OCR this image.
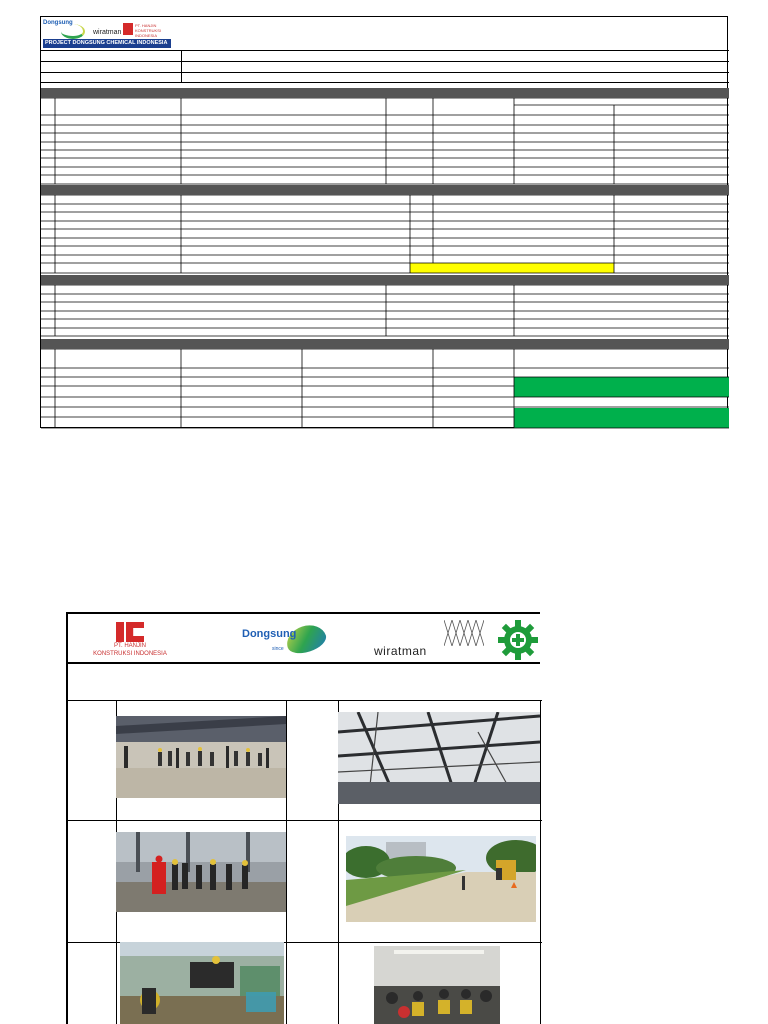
Dongsung
wiratman
PT. HANJIN KONSTRUKSI INDONESIA
PROJECT DONGSUNG CHEMICAL INDONESIA
PT. HANJIN
KONSTRUKSI INDONESIA
Dongsung
since	wiratman
